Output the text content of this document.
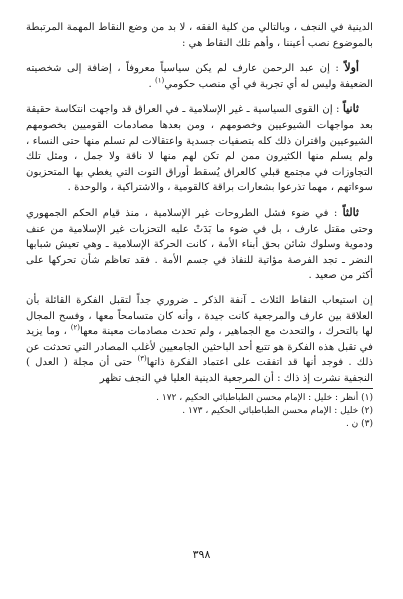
الدينية في النجف ، وبالتالي من كلية الفقه ، لا بد من وضع النقاط المهمة المرتبطة بالموضوع نصب أعيننا ، وأهم تلك النقاط هي :

أولاً : إن عبد الرحمن عارف لم يكن سياسياً معروفاً ، إضافة إلى شخصيته الضعيفة وليس له أي تجربة في أي منصب حكومي$^{(١)}$ .

ثانياً : إن القوى السياسية ـ غير الإسلامية ـ في العراق قد واجهت انتكاسة حقيقة بعد مواجهات الشيوعيين وخصومهم ، ومن بعدها مصادمات القوميين بخصومهم الشيوعيين واقتران ذلك كله بتصفيات جسدية واعتقالات لم تسلم منها حتى النساء ، ولم يسلم منها الكثيرون ممن لم تكن لهم منها لا ناقة ولا جمل ، ومثل تلك التجاوزات في مجتمع قبلي كالعراق يُسقط أوراق التوت التي يغطي بها المتحزبون سوءاتهم ، مهما تذرعوا بشعارات براقة كالقومية ، والاشتراكية ، والوحدة .

ثالثاً : في ضوء فشل الطروحات غير الإسلامية ، منذ قيام الحكم الجمهوري وحتى مقتل عارف ، بل في ضوء ما بَدَتْ عليه التحزبات غير الإسلامية من عنف ودموية وسلوك شائن بحق أبناء الأمة ، كانت الحركة الإسلامية ـ وهي تعيش شبابها النضر ـ تجد الفرصة مؤاتية للنفاذ في جسم الأمة . فقد تعاظم شأن تحركها على أكثر من صعيد .

إن استيعاب النقاط الثلاث ـ آنفة الذكر ـ ضروري جداً لتقبل الفكرة القائلة بأن العلاقة بين عارف والمرجعية كانت جيدة ، وأنه كان متسامحاً معها ، وفسح المجال لها بالتحرك ، والتحدث مع الجماهير ، ولم تحدث مصادمات معينة معها$^{(٢)}$ ، وما يزيد في تقبل هذه الفكرة هو تتبع أحد الباحثين الجامعيين لأغلب المصادر التي تحدثت عن ذلك . فوجد أنها قد اتفقت على اعتماد الفكرة ذاتها$^{(٣)}$ حتى أن مجلة ( العدل ) النجفية نشرت إذ ذاك : أن المرجعية الدينية العليا في النجف تظهر

(١) أنظر : خليل : الإمام محسن الطباطبائي الحكيم ، ١٧٢ .
(٢) خليل : الإمام محسن الطباطبائي الحكيم ، ١٧٣ .
(٣) ن .
٣٩٨
